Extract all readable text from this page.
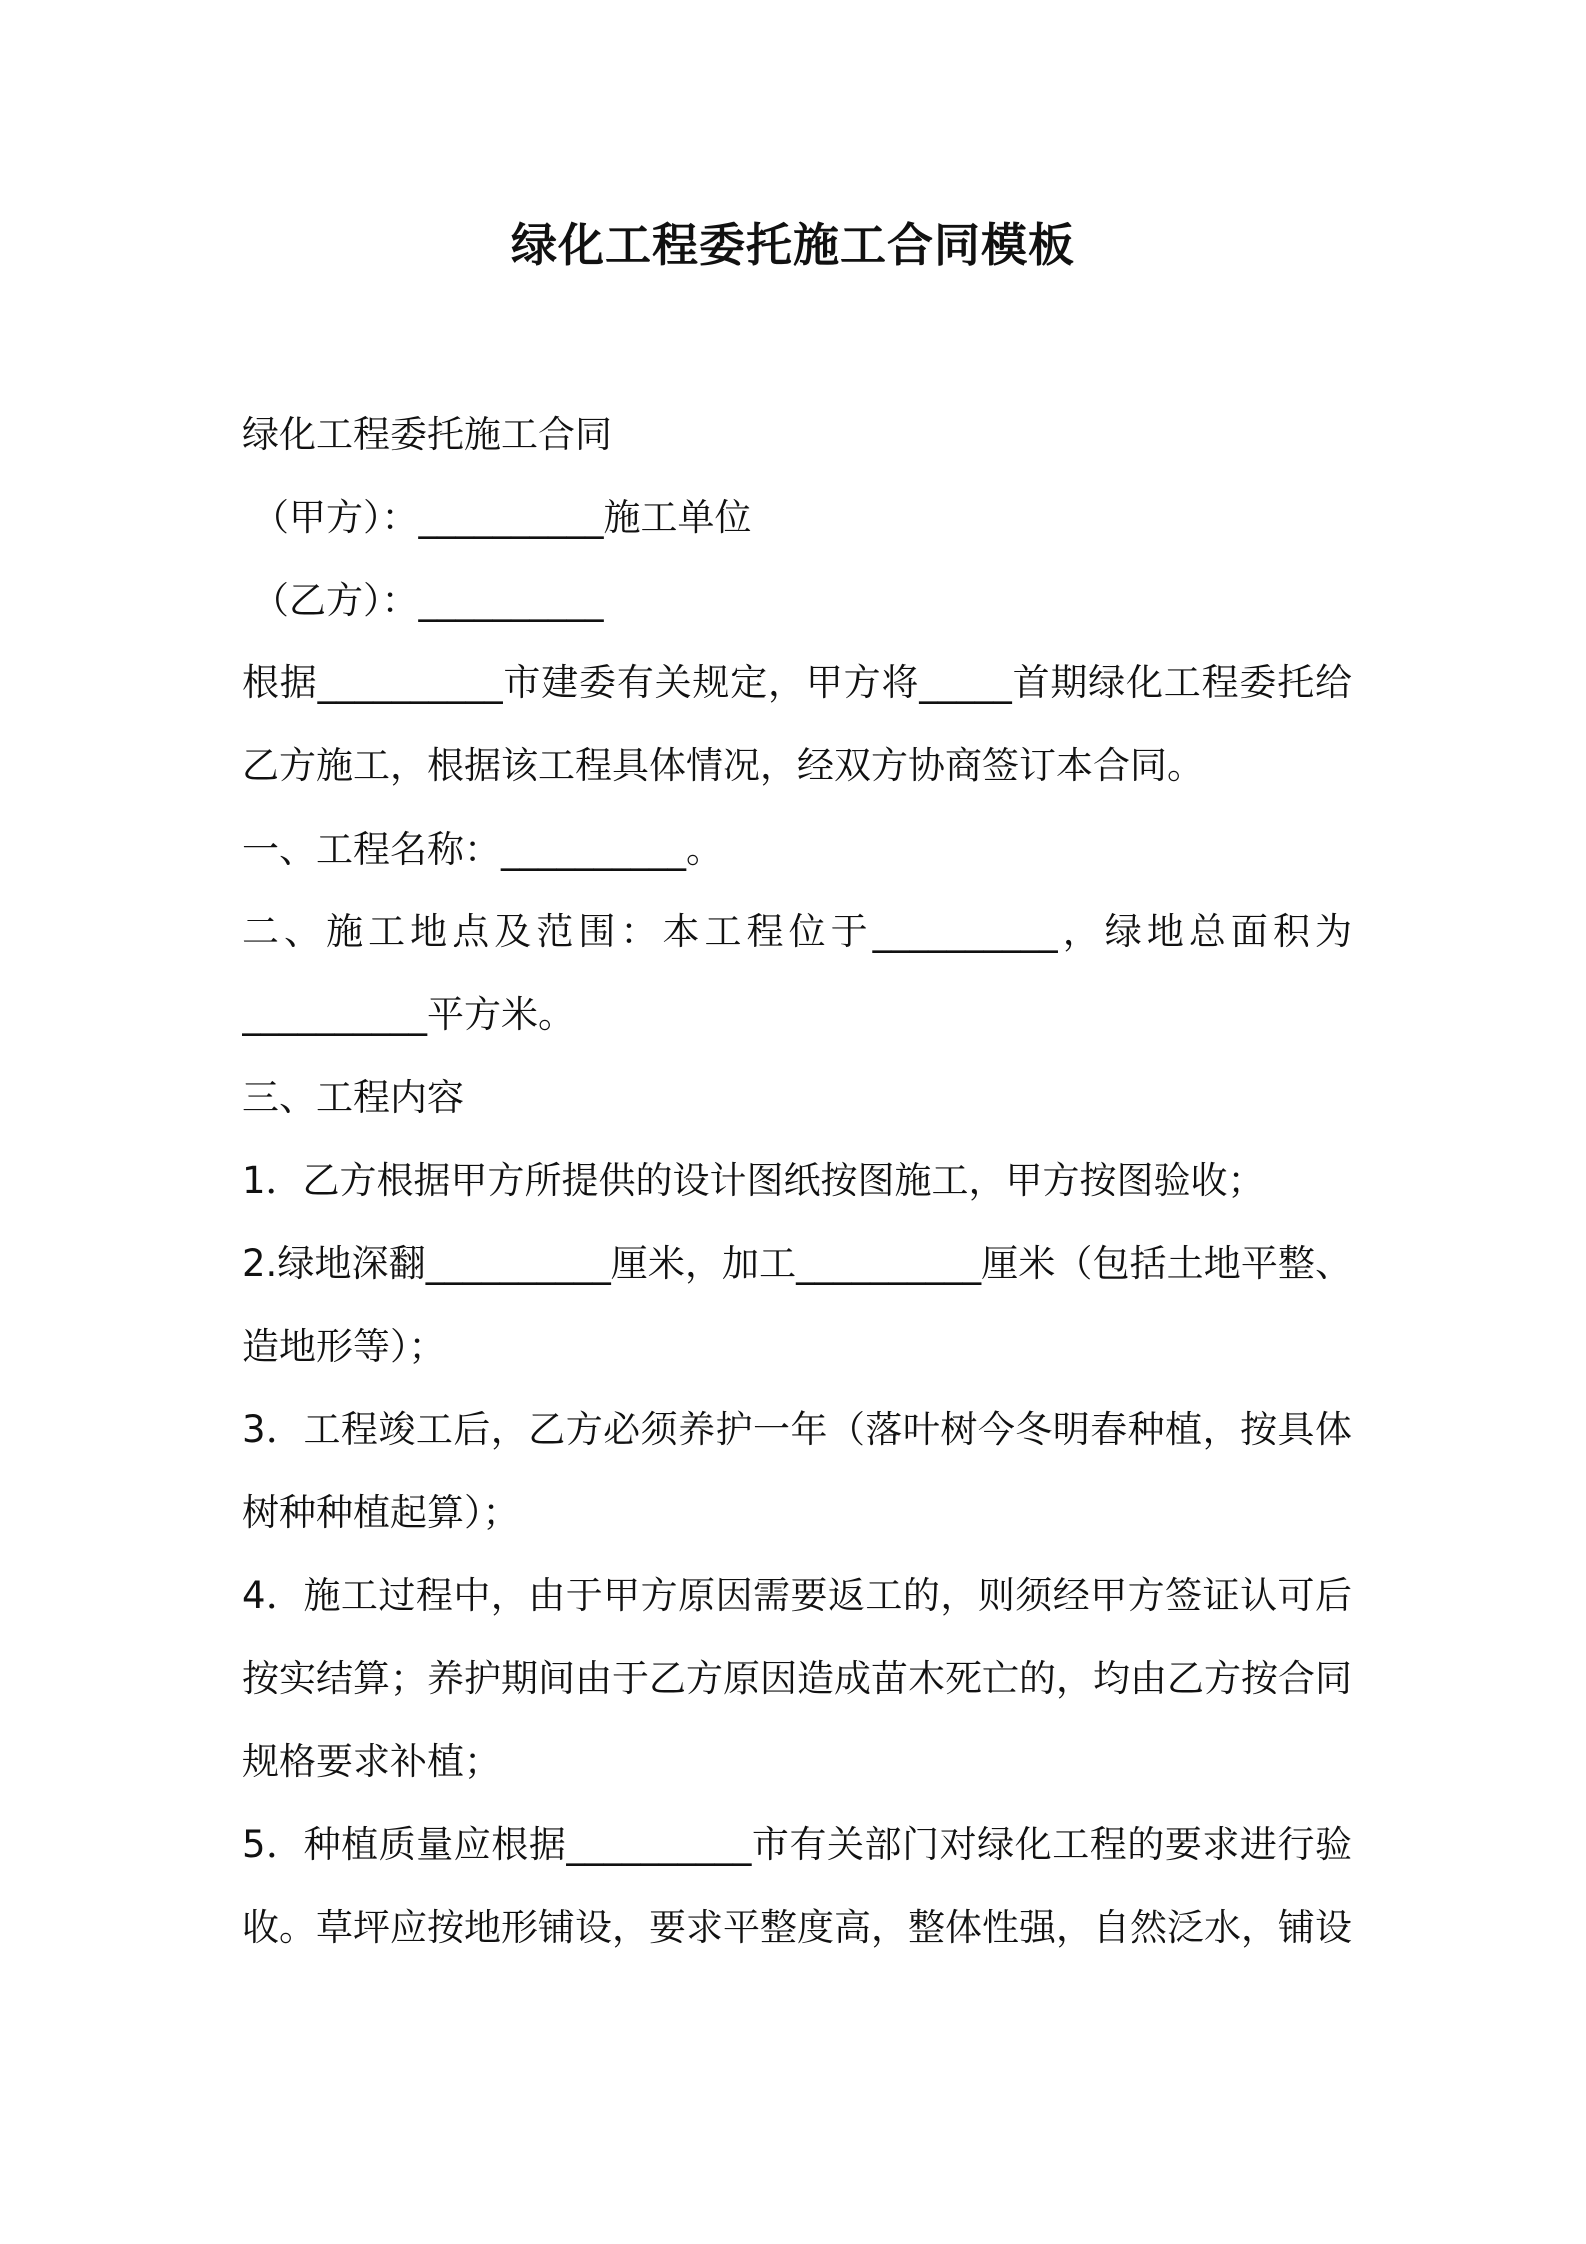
绿化工程委托施工合同模板
绿化工程委托施工合同
（甲方）：__________施工单位
（乙方）：__________
根据__________市建委有关规定，甲方将_____首期绿化工程委托给
乙方施工，根据该工程具体情况，经双方协商签订本合同。
一、工程名称：__________。
二、施工地点及范围：本工程位于__________，绿地总面积为
__________平方米。
三、工程内容
1．乙方根据甲方所提供的设计图纸按图施工，甲方按图验收；
2.绿地深翻__________厘米，加工__________厘米（包括土地平整、
造地形等）；
3．工程竣工后，乙方必须养护一年（落叶树今冬明春种植，按具体
树种种植起算）；
4．施工过程中，由于甲方原因需要返工的，则须经甲方签证认可后
按实结算；养护期间由于乙方原因造成苗木死亡的，均由乙方按合同
规格要求补植；
5．种植质量应根据__________市有关部门对绿化工程的要求进行验
收。草坪应按地形铺设，要求平整度高，整体性强，自然泛水，铺设
